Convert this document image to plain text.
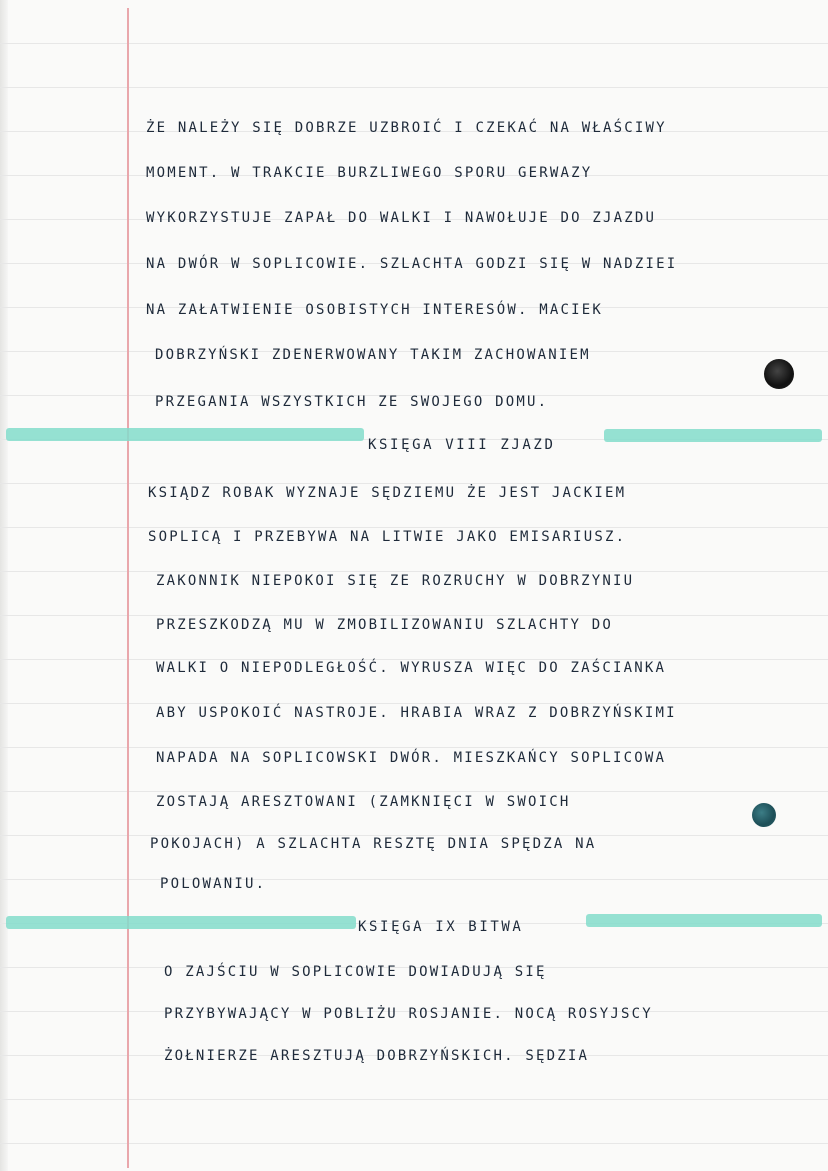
ŻE NALEŻY SIĘ DOBRZE UZBROIĆ I CZEKAĆ NA WŁAŚCIWY
MOMENT. W TRAKCIE BURZLIWEGO SPORU GERWAZY
WYKORZYSTUJE ZAPAŁ DO WALKI I NAWOŁUJE DO ZJAZDU
NA DWÓR W SOPLICOWIE. SZLACHTA GODZI SIĘ W NADZIEI
NA ZAŁATWIENIE OSOBISTYCH INTERESÓW. MACIEK
DOBRZYŃSKI ZDENERWOWANY TAKIM ZACHOWANIEM
PRZEGANIA WSZYSTKICH ZE SWOJEGO DOMU.
KSIĘGA VIII ZJAZD
KSIĄDZ ROBAK WYZNAJE SĘDZIEMU ŻE JEST JACKIEM
SOPLICĄ I PRZEBYWA NA LITWIE JAKO EMISARIUSZ.
ZAKONNIK NIEPOKOI SIĘ ZE ROZRUCHY W DOBRZYNIU
PRZESZKODZĄ MU W ZMOBILIZOWANIU SZLACHTY DO
WALKI O NIEPODLEGŁOŚĆ. WYRUSZA WIĘC DO ZAŚCIANKA
ABY USPOKOIĆ NASTROJE. HRABIA WRAZ Z DOBRZYŃSKIMI
NAPADA NA SOPLICOWSKI DWÓR. MIESZKAŃCY SOPLICOWA
ZOSTAJĄ ARESZTOWANI (ZAMKNIĘCI W SWOICH
POKOJACH) A SZLACHTA RESZTĘ DNIA SPĘDZA NA
POLOWANIU.
KSIĘGA IX BITWA
O ZAJŚCIU W SOPLICOWIE DOWIADUJĄ SIĘ
PRZYBYWAJĄCY W POBLIŻU ROSJANIE. NOCĄ ROSYJSCY
ŻOŁNIERZE ARESZTUJĄ DOBRZYŃSKICH. SĘDZIA
